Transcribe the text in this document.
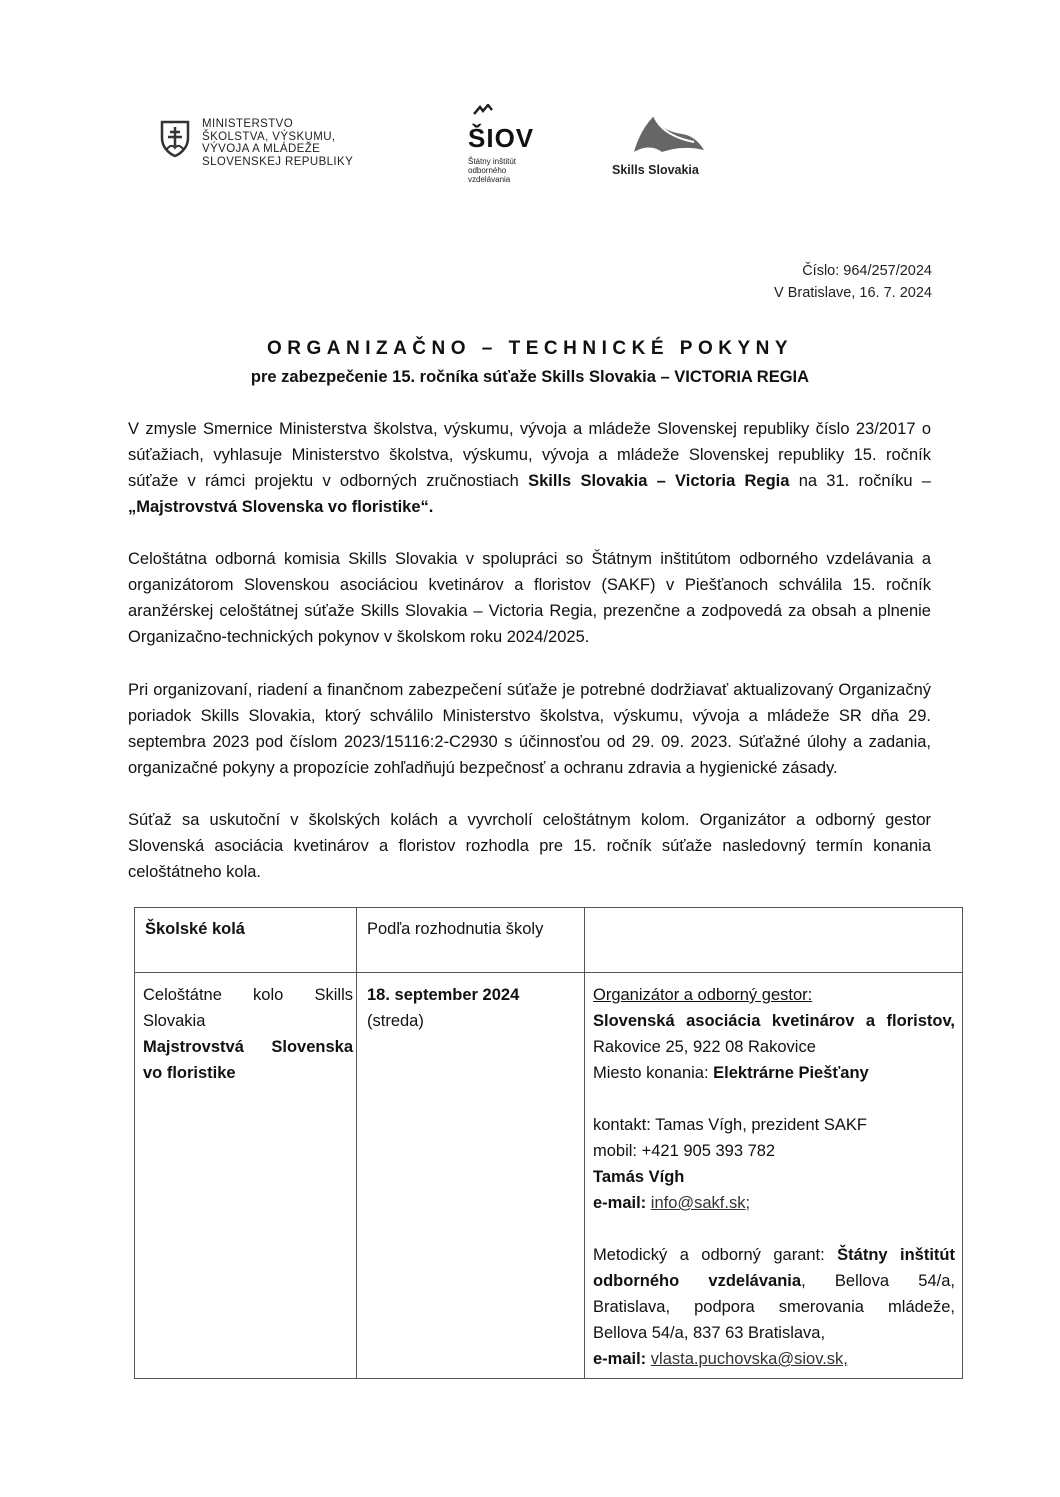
MINISTERSTVO
ŠKOLSTVA, VÝSKUMU,
VÝVOJA A MLÁDEŽE
SLOVENSKEJ REPUBLIKY
ŠIOV
Štátny inštitút
odborného
vzdelávania
Skills Slovakia
Číslo: 964/257/2024
V Bratislave, 16. 7. 2024
ORGANIZAČNO – TECHNICKÉ POKYNY
pre zabezpečenie 15. ročníka súťaže Skills Slovakia – VICTORIA REGIA
V zmysle Smernice Ministerstva školstva, výskumu, vývoja a mládeže Slovenskej republiky číslo 23/2017 o súťažiach, vyhlasuje Ministerstvo školstva, výskumu, vývoja a mládeže Slovenskej republiky 15. ročník súťaže v rámci projektu v odborných zručnostiach Skills Slovakia – Victoria Regia na 31. ročníku – „Majstrovstvá Slovenska vo floristike“.
Celoštátna odborná komisia Skills Slovakia v spolupráci so Štátnym inštitútom odborného vzdelávania a organizátorom Slovenskou asociáciou kvetinárov a floristov (SAKF) v Piešťanoch schválila 15. ročník aranžérskej celoštátnej súťaže Skills Slovakia – Victoria Regia, prezenčne a zodpovedá za obsah a plnenie Organizačno-technických pokynov v školskom roku 2024/2025.
Pri organizovaní, riadení a finančnom zabezpečení súťaže je potrebné dodržiavať aktualizovaný Organizačný poriadok Skills Slovakia, ktorý schválilo Ministerstvo školstva, výskumu, vývoja a mládeže SR dňa 29. septembra 2023 pod číslom 2023/15116:2-C2930 s účinnosťou od 29. 09. 2023. Súťažné úlohy a zadania, organizačné pokyny a propozície zohľadňujú bezpečnosť a ochranu zdravia a hygienické zásady.
Súťaž sa uskutoční v školských kolách a vyvrcholí celoštátnym kolom. Organizátor a odborný gestor Slovenská asociácia kvetinárov a floristov rozhodla pre 15. ročník súťaže nasledovný termín konania celoštátneho kola.
Školské kolá	Podľa rozhodnutia školy
Celoštátne kolo Skills Slovakia
Majstrovstvá Slovenska vo floristike
18. september 2024
(streda)
Organizátor a odborný gestor:
Slovenská asociácia kvetinárov a floristov, Rakovice 25, 922 08 Rakovice
Miesto konania: Elektrárne Piešťany
kontakt: Tamas Vígh, prezident SAKF
mobil: +421 905 393 782
Tamás Vígh
e-mail: info@sakf.sk;
Metodický a odborný garant: Štátny inštitút odborného vzdelávania, Bellova 54/a, Bratislava, podpora smerovania mládeže, Bellova 54/a, 837 63 Bratislava,
e-mail: vlasta.puchovska@siov.sk,
